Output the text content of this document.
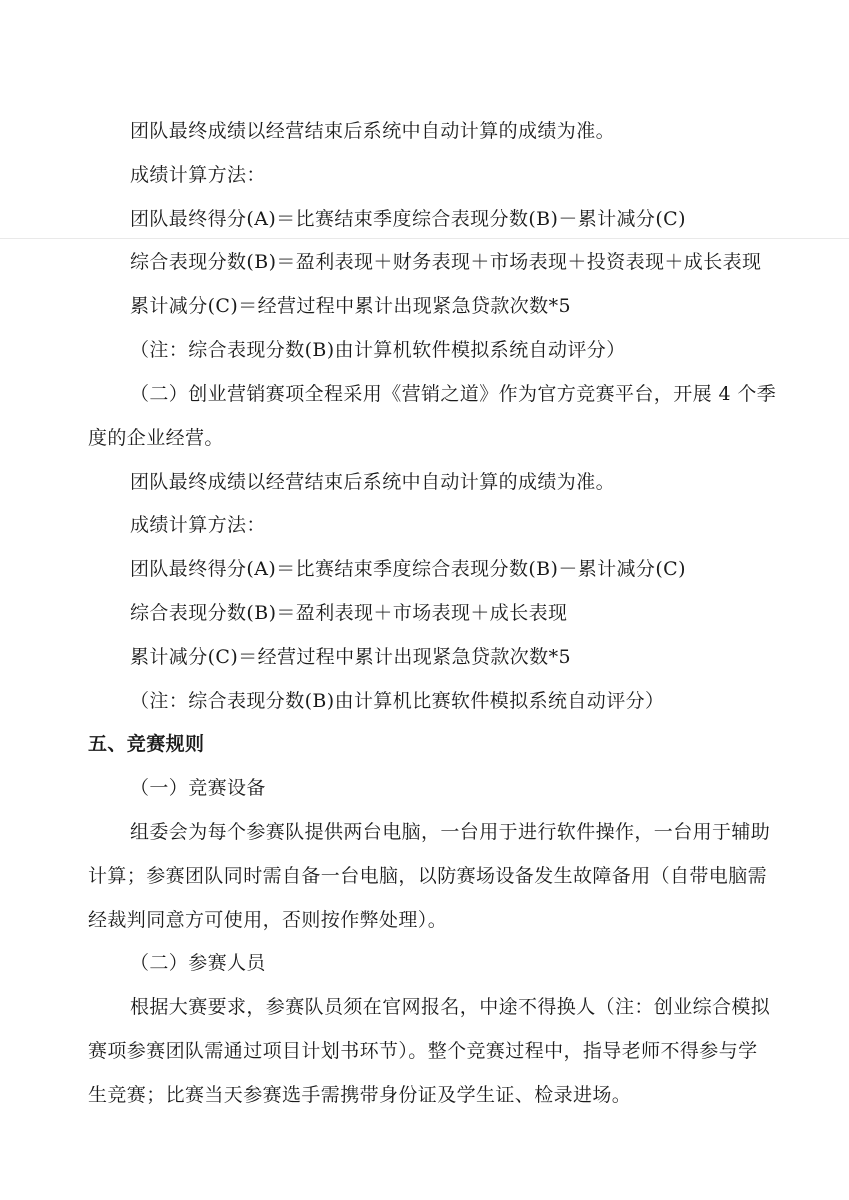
团队最终成绩以经营结束后系统中自动计算的成绩为准。
成绩计算方法：
团队最终得分(A)＝比赛结束季度综合表现分数(B)－累计减分(C)
综合表现分数(B)＝盈利表现＋财务表现＋市场表现＋投资表现＋成长表现
累计减分(C)＝经营过程中累计出现紧急贷款次数*5
（注：综合表现分数(B)由计算机软件模拟系统自动评分）
（二）创业营销赛项全程采用《营销之道》作为官方竞赛平台，开展 4 个季
度的企业经营。
团队最终成绩以经营结束后系统中自动计算的成绩为准。
成绩计算方法：
团队最终得分(A)＝比赛结束季度综合表现分数(B)－累计减分(C)
综合表现分数(B)＝盈利表现＋市场表现＋成长表现
累计减分(C)＝经营过程中累计出现紧急贷款次数*5
（注：综合表现分数(B)由计算机比赛软件模拟系统自动评分）
五、竞赛规则
（一）竞赛设备
组委会为每个参赛队提供两台电脑，一台用于进行软件操作，一台用于辅助
计算；参赛团队同时需自备一台电脑，以防赛场设备发生故障备用（自带电脑需
经裁判同意方可使用，否则按作弊处理）。
（二）参赛人员
根据大赛要求，参赛队员须在官网报名，中途不得换人（注：创业综合模拟
赛项参赛团队需通过项目计划书环节）。整个竞赛过程中，指导老师不得参与学
生竞赛；比赛当天参赛选手需携带身份证及学生证、检录进场。
